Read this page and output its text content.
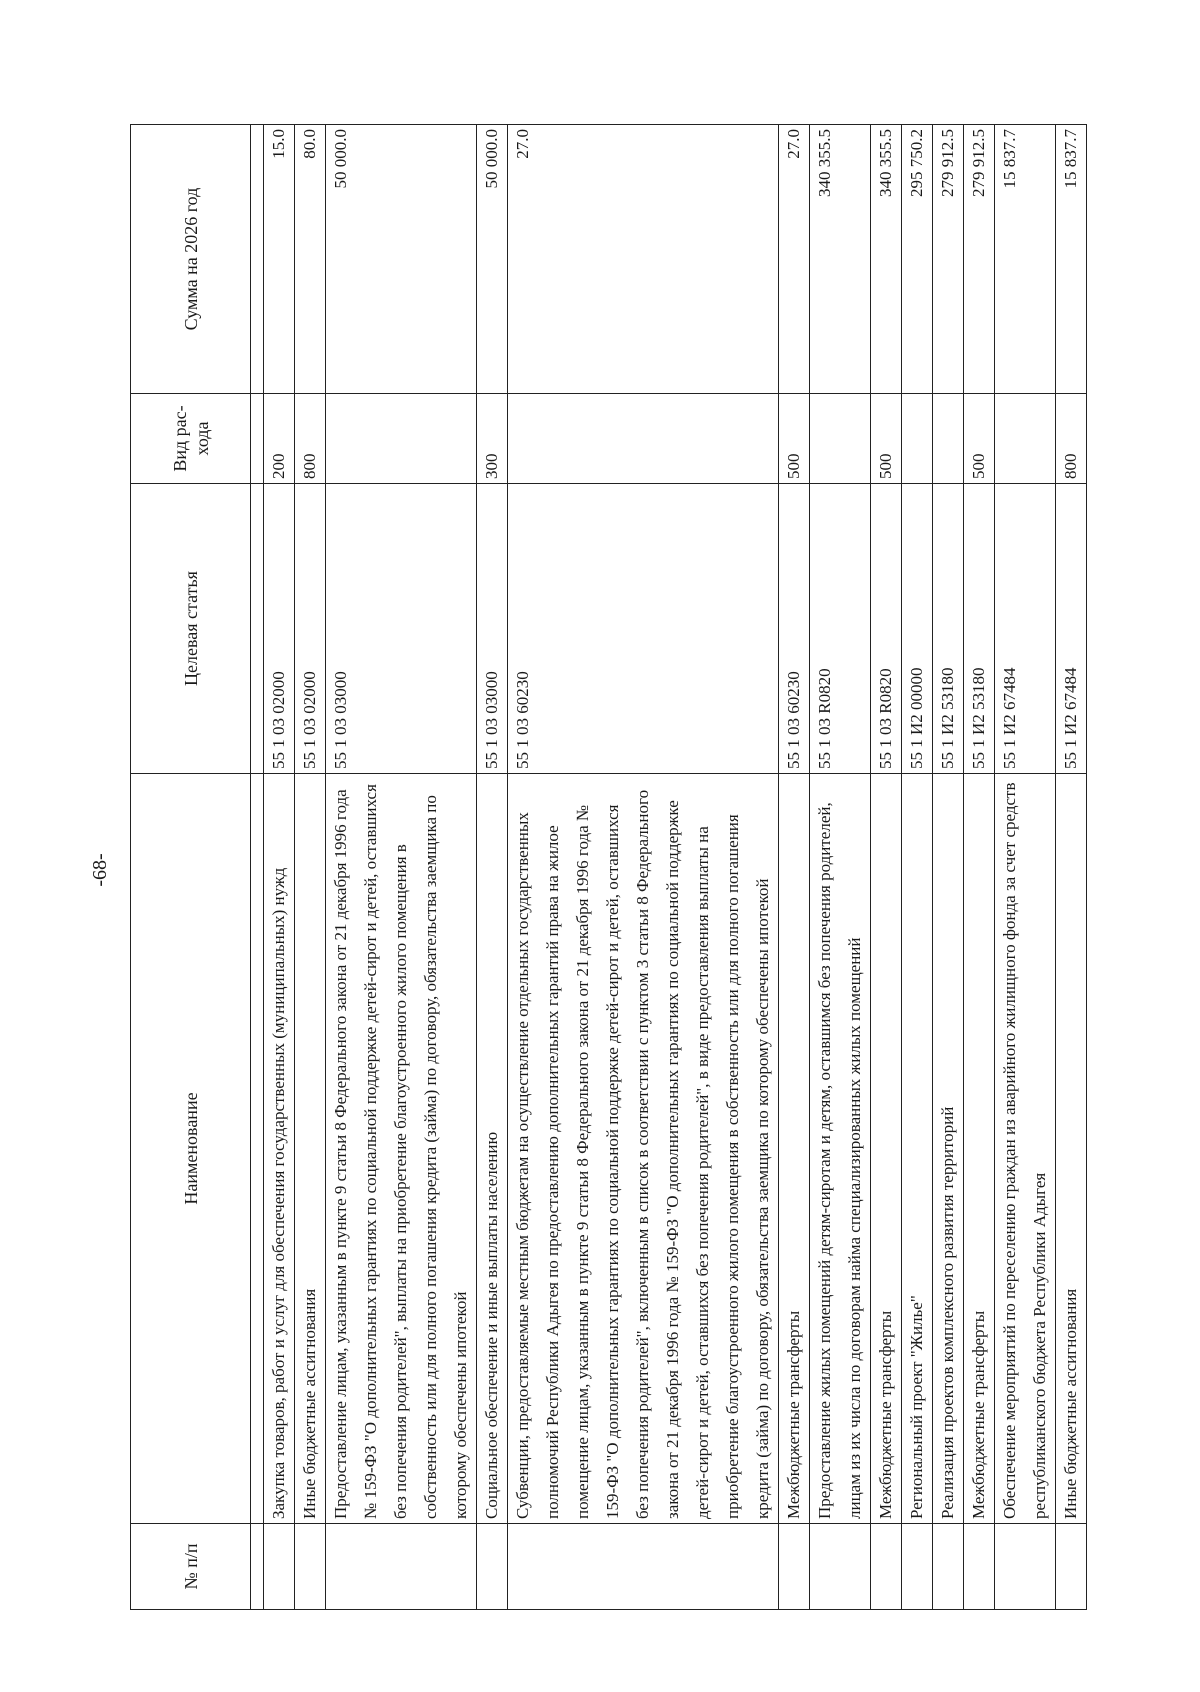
-68-
№ п/п	Наименование	Целевая статья	Вид рас- хода	Сумма на 2026 год

	Закупка товаров, работ и услуг для обеспечения государственных (муниципальных) нужд	55 1 03 02000	200	15.0
	Иные бюджетные ассигнования	55 1 03 02000	800	80.0
	Предоставление лицам, указанным в пункте 9 статьи 8 Федерального закона от 21 декабря 1996 года № 159-ФЗ "О дополнительных гарантиях по социальной поддержке детей-сирот и детей, оставшихся без попечения родителей", выплаты на приобретение благоустроенного жилого помещения в собственность или для полного погашения кредита (займа) по договору, обязательства заемщика по которому обеспечены ипотекой	55 1 03 03000		50 000.0
	Социальное обеспечение и иные выплаты населению	55 1 03 03000	300	50 000.0
	Субвенции, предоставляемые местным бюджетам на осуществление отдельных государственных полномочий Республики Адыгея по предоставлению дополнительных гарантий права на жилое помещение лицам, указанным в пункте 9 статьи 8 Федерального закона от 21 декабря 1996 года № 159-ФЗ "О дополнительных гарантиях по социальной поддержке детей-сирот и детей, оставшихся без попечения родителей", включенным в список в соответствии с пунктом 3 статьи 8 Федерального закона от 21 декабря 1996 года № 159-ФЗ "О дополнительных гарантиях по социальной поддержке детей-сирот и детей, оставшихся без попечения родителей", в виде предоставления выплаты на приобретение благоустроенного жилого помещения в собственность или для полного погашения кредита (займа) по договору, обязательства заемщика по которому обеспечены ипотекой	55 1 03 60230		27.0
	Межбюджетные трансферты	55 1 03 60230	500	27.0
	Предоставление жилых помещений детям-сиротам и детям, оставшимся без попечения родителей, лицам из их числа по договорам найма специализированных жилых помещений	55 1 03 R0820		340 355.5
	Межбюджетные трансферты	55 1 03 R0820	500	340 355.5
	Региональный проект "Жилье"	55 1 И2 00000		295 750.2
	Реализация проектов комплексного развития территорий	55 1 И2 53180		279 912.5
	Межбюджетные трансферты	55 1 И2 53180	500	279 912.5
	Обеспечение мероприятий по переселению граждан из аварийного жилищного фонда за счет средств республиканского бюджета Республики Адыгея	55 1 И2 67484		15 837.7
	Иные бюджетные ассигнования	55 1 И2 67484	800	15 837.7
